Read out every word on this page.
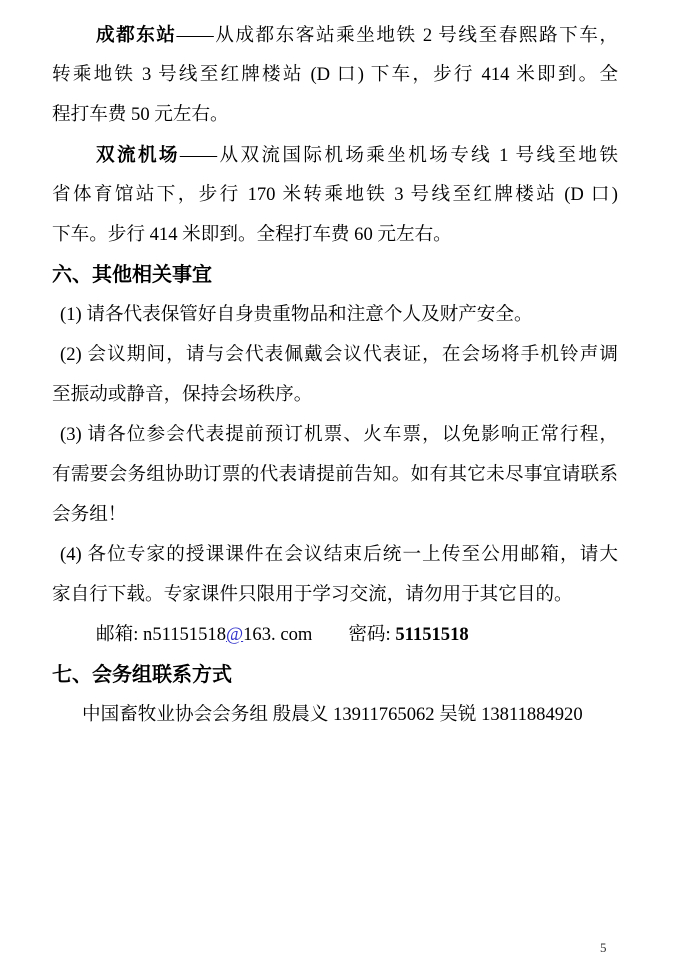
成都东站——从成都东客站乘坐地铁 2 号线至春熙路下车，
转乘地铁 3 号线至红牌楼站 (D 口) 下车，步行 414 米即到。全
程打车费 50 元左右。
双流机场——从双流国际机场乘坐机场专线 1 号线至地铁
省体育馆站下，步行 170 米转乘地铁 3 号线至红牌楼站 (D 口)
下车。步行 414 米即到。全程打车费 60 元左右。
六、其他相关事宜
(1) 请各代表保管好自身贵重物品和注意个人及财产安全。
(2) 会议期间，请与会代表佩戴会议代表证，在会场将手机铃声调
至振动或静音，保持会场秩序。
(3) 请各位参会代表提前预订机票、火车票，以免影响正常行程，
有需要会务组协助订票的代表请提前告知。如有其它未尽事宜请联系
会务组！
(4) 各位专家的授课课件在会议结束后统一上传至公用邮箱，请大
家自行下载。专家课件只限用于学习交流，请勿用于其它目的。
邮箱: n51151518@163. com 密码: 51151518
七、会务组联系方式
中国畜牧业协会会务组 殷晨义 13911765062 吴锐 13811884920
5
